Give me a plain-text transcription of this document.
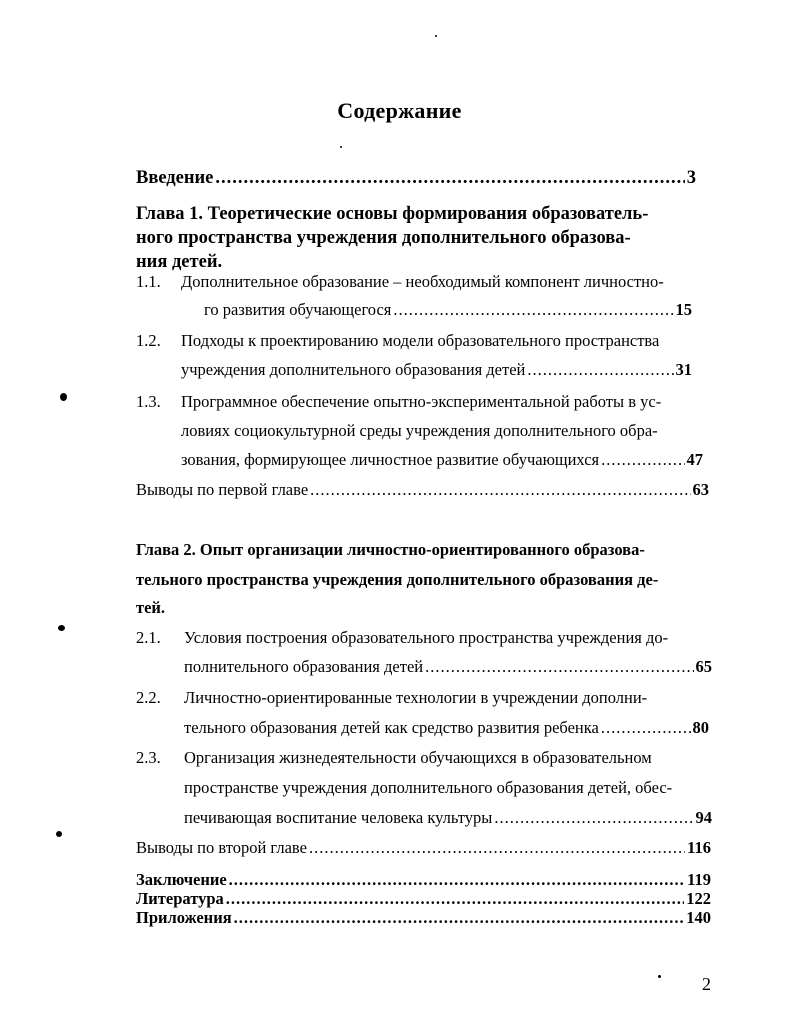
Содержание
Введение .....	3
Глава 1. Теоретические основы формирования образователь-
ного пространства учреждения дополнительного образова-
ния детей.
1.1. Дополнительное образование – необходимый компонент личностно-
го развития обучающегося .....	15
1.2. Подходы к проектированию модели образовательного пространства
учреждения дополнительного образования детей .....	31
1.3. Программное обеспечение опытно-экспериментальной работы в ус-
ловиях социокультурной среды учреждения дополнительного обра-
зования, формирующее личностное развитие обучающихся .....	47
Выводы по первой главе .....	63
Глава 2. Опыт организации личностно-ориентированного образова-
тельного пространства учреждения дополнительного образования де-
тей.
2.1. Условия построения образовательного пространства учреждения до-
полнительного образования детей .....	65
2.2. Личностно-ориентированные технологии в учреждении дополни-
тельного образования детей как средство развития ребенка .....	80
2.3. Организация жизнедеятельности обучающихся в образовательном
пространстве учреждения дополнительного образования детей, обес-
печивающая воспитание человека культуры .....	94
Выводы по второй главе .....	116
Заключение .....	119
Литература .....	122
Приложения .....	140
2
